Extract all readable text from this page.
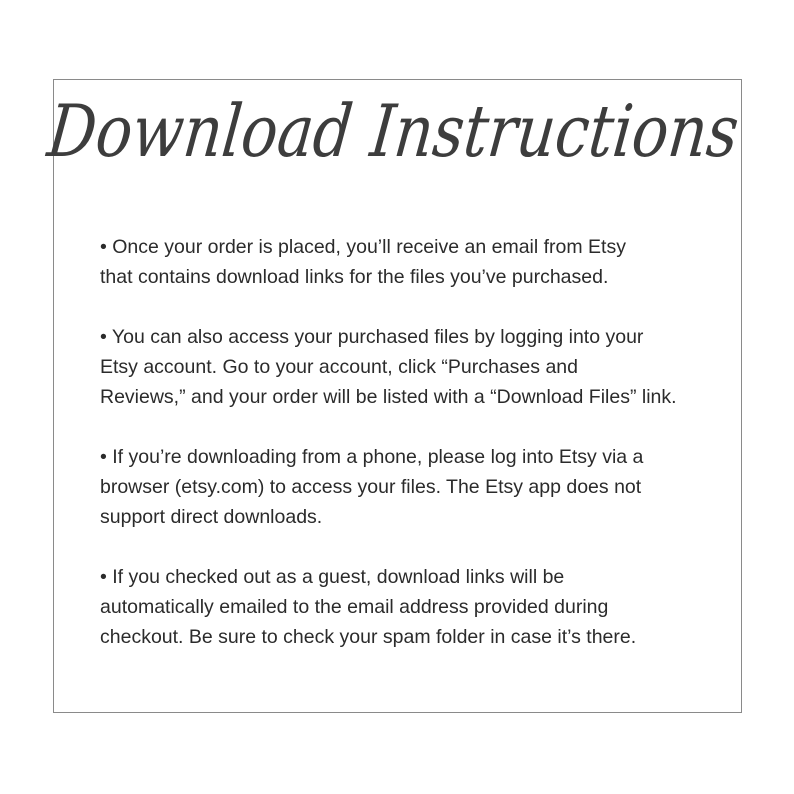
Download Instructions

• Once your order is placed, you’ll receive an email from Etsy
that contains download links for the files you’ve purchased.

• You can also access your purchased files by logging into your
Etsy account. Go to your account, click “Purchases and
Reviews,” and your order will be listed with a “Download Files” link.

• If you’re downloading from a phone, please log into Etsy via a
browser (etsy.com) to access your files. The Etsy app does not
support direct downloads.

• If you checked out as a guest, download links will be
automatically emailed to the email address provided during
checkout. Be sure to check your spam folder in case it’s there.
